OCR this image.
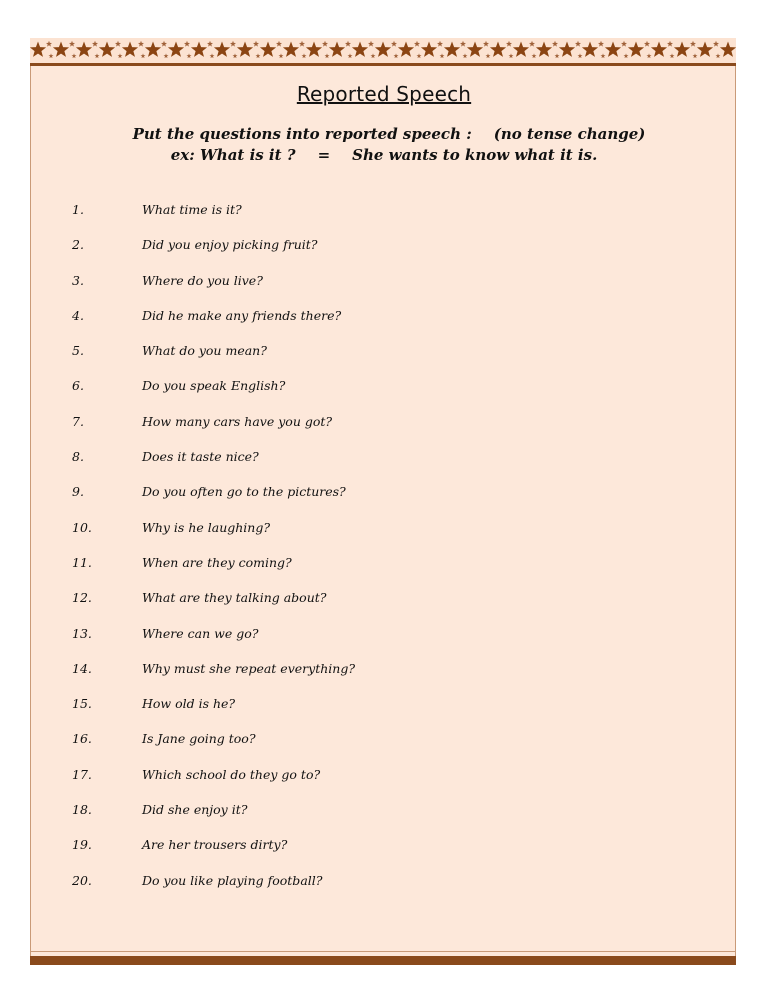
Reported Speech
Put the questions into reported speech : (no tense change)
ex: What is it ? = She wants to know what it is.
1.	What time is it?
2.	Did you enjoy picking fruit?
3.	Where do you live?
4.	Did he make any friends there?
5.	What do you mean?
6.	Do you speak English?
7.	How many cars have you got?
8.	Does it taste nice?
9.	Do you often go to the pictures?
10.	Why is he laughing?
11.	When are they coming?
12.	What are they talking about?
13.	Where can we go?
14.	Why must she repeat everything?
15.	How old is he?
16.	Is Jane going too?
17.	Which school do they go to?
18.	Did she enjoy it?
19.	Are her trousers dirty?
20.	Do you like playing football?
